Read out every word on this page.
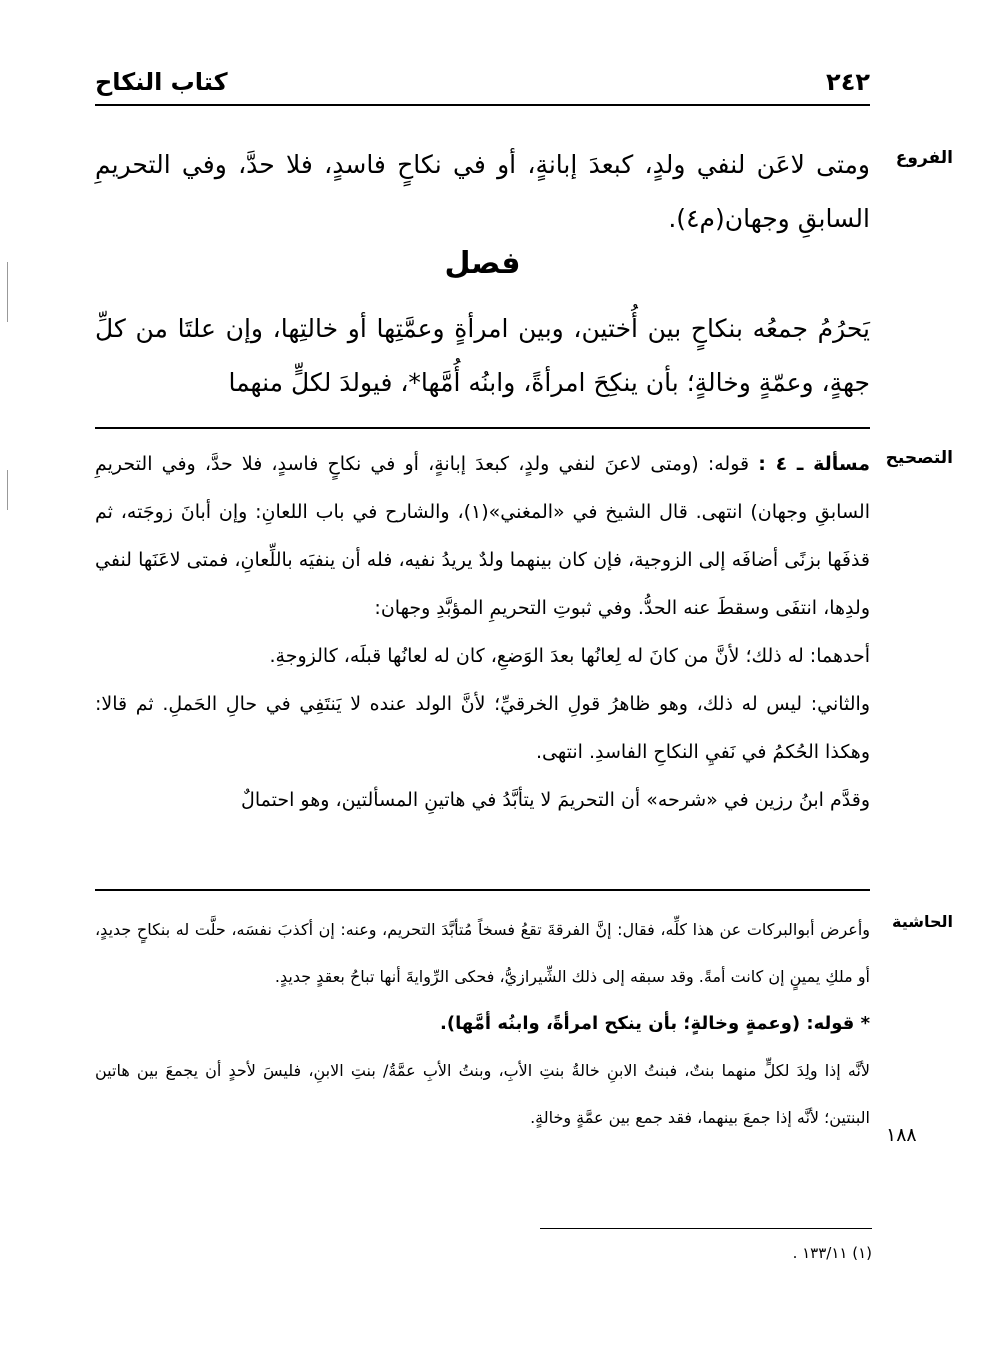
كتاب النكاح	٢٤٢
الفروع

ومتى لاعَن لنفي ولدٍ، كبعدَ إبانةٍ، أو في نكاحٍ فاسدٍ، فلا حدَّ، وفي التحريمِ السابقِ وجهان(م٤).

فصل

يَحرُمُ جمعُه بنكاحٍ بين أُختين، وبين امرأةٍ وعمَّتِها أو خالتِها، وإن علتَا من كلِّ جهةٍ، وعمّةٍ وخالةٍ؛ بأن ينكِحَ امرأةً، وابنُه أُمَّها*، فيولدَ لكلٍّ منهما

التصحيح

مسألة ـ ٤ : قوله: (ومتى لاعنَ لنفي ولدٍ، كبعدَ إبانةٍ، أو في نكاحٍ فاسدٍ، فلا حدَّ، وفي التحريمِ السابقِ وجهان) انتهى. قال الشيخ في «المغني»(١)، والشارح في باب اللعانِ: وإن أبانَ زوجَته، ثم قذفَها بزنًى أضافَه إلى الزوجية، فإن كان بينهما ولدٌ يريدُ نفيه، فله أن ينفيَه باللِّعانِ، فمتى لاعَنَها لنفي ولدِها، انتفَى وسقطَ عنه الحدُّ. وفي ثبوتِ التحريمِ المؤبَّدِ وجهان:

أحدهما: له ذلك؛ لأنَّ من كانَ له لِعانُها بعدَ الوَضعِ، كان له لعانُها قبلَه، كالزوجةِ.

والثاني: ليس له ذلك، وهو ظاهرُ قولِ الخرقيِّ؛ لأنَّ الولد عنده لا يَنتَفِي في حالِ الحَملِ. ثم قالا: وهكذا الحُكمُ في نَفيِ النكاحِ الفاسدِ. انتهى.

وقدَّم ابنُ رزين في «شرحه» أن التحريمَ لا يتأبَّدُ في هاتينِ المسألتين، وهو احتمالٌ

الحاشية

وأعرض أبوالبركات عن هذا كلِّه، فقال: إنَّ الفرقةَ تقعُ فسخاً مُتأبَّدَ التحريم، وعنه: إن أكذبَ نفسَه، حلَّت له بنكاحٍ جديدٍ، أو ملكِ يمينٍ إن كانت أمةً. وقد سبقه إلى ذلك الشِّيرازيُّ، فحكى الرِّوايةَ أنها تباحُ بعقدٍ جديدٍ.

* قوله: (وعمةٍ وخالةٍ؛ بأن ينكح امرأةً، وابنُه أمَّها).

لأنَّه إذا ولِدَ لكلٍّ منهما بنتٌ، فبنتُ الابنِ خالةُ بنتِ الأبِ، وبنتُ الأبِ عمَّةُ/ بنتِ الابنِ، فليسَ لأحدٍ أن يجمعَ بين هاتين البنتين؛ لأنَّه إذا جمعَ بينهما، فقد جمع بين عمَّةٍ وخالةٍ.

١٨٨
(١) ١٣٣/١١ .
